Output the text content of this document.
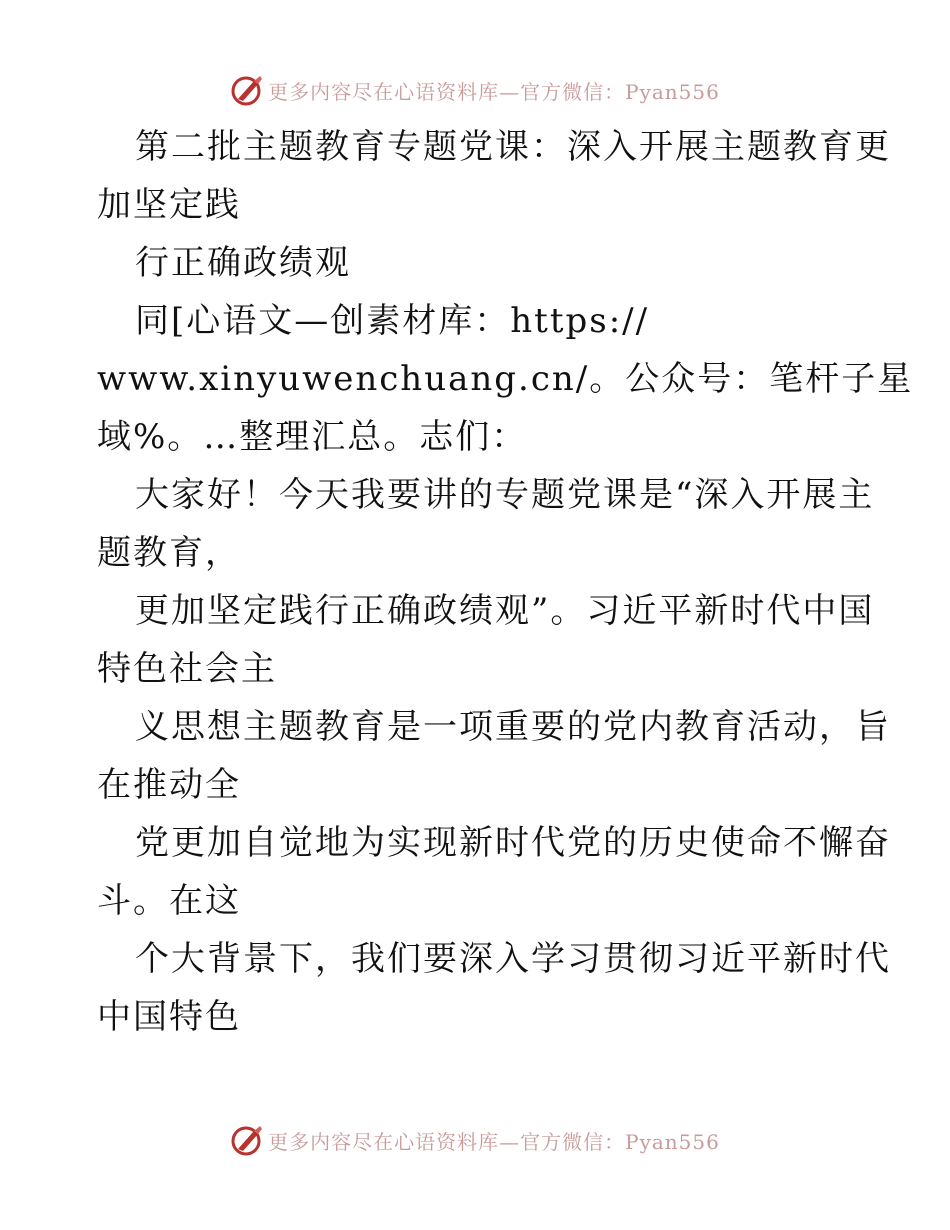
更多内容尽在心语资料库—官方微信：Pyan556
第二批主题教育专题党课：深入开展主题教育更
加坚定践
行正确政绩观
同[心语文—创素材库：https://
www.xinyuwenchuang.cn/。公众号：笔杆子星
域%。…整理汇总。志们：
大家好！今天我要讲的专题党课是“深入开展主
题教育，
更加坚定践行正确政绩观”。习近平新时代中国
特色社会主
义思想主题教育是一项重要的党内教育活动，旨
在推动全
党更加自觉地为实现新时代党的历史使命不懈奋
斗。在这
个大背景下，我们要深入学习贯彻习近平新时代
中国特色
更多内容尽在心语资料库—官方微信：Pyan556
